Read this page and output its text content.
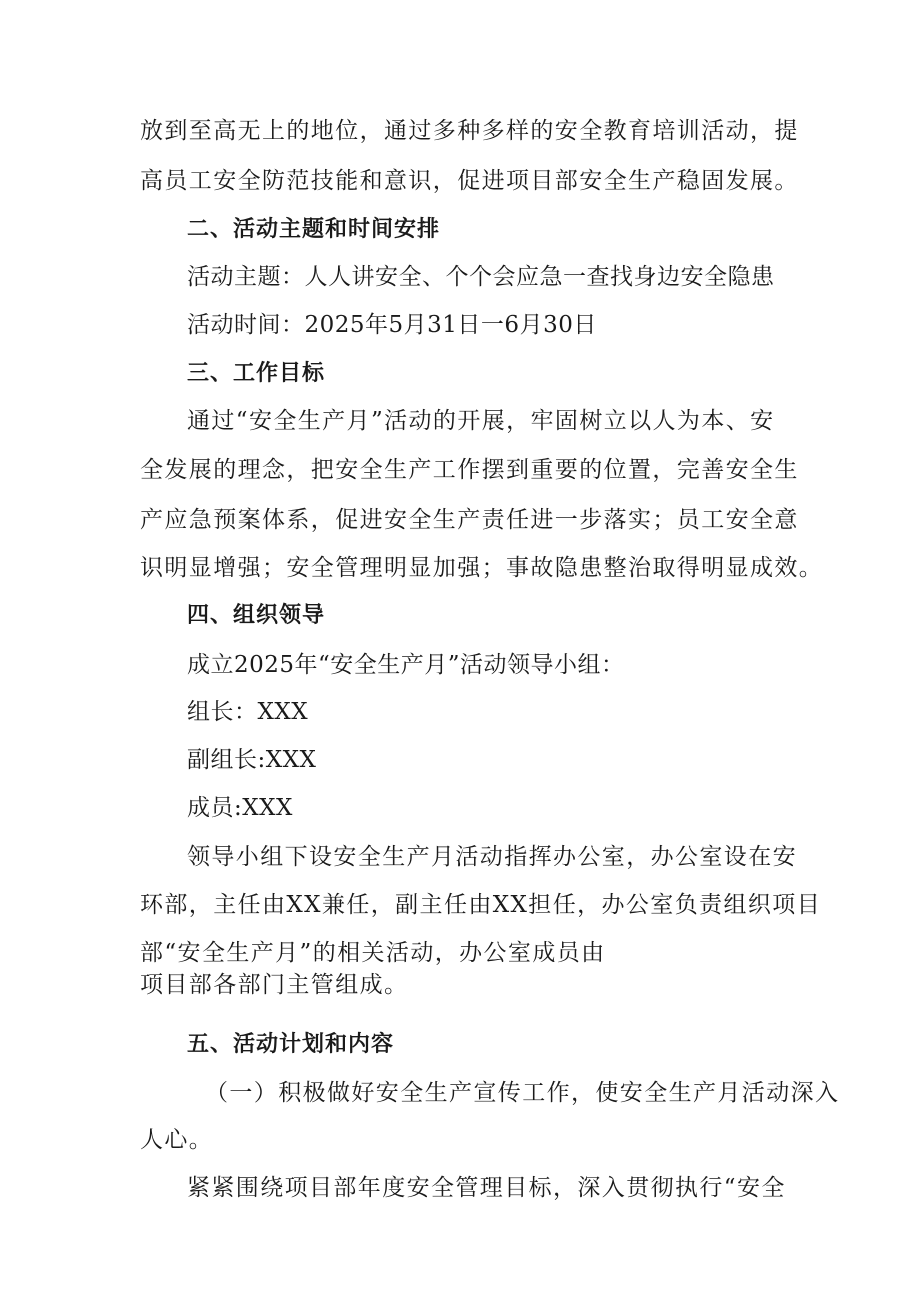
放到至高无上的地位，通过多种多样的安全教育培训活动，提
高员工安全防范技能和意识，促进项目部安全生产稳固发展。
二、活动主题和时间安排
活动主题：人人讲安全、个个会应急一查找身边安全隐患
活动时间：2025年5月31日一6月30日
三、工作目标
通过“安全生产月”活动的开展，牢固树立以人为本、安
全发展的理念，把安全生产工作摆到重要的位置，完善安全生
产应急预案体系，促进安全生产责任进一步落实；员工安全意
识明显增强；安全管理明显加强；事故隐患整治取得明显成效。
四、组织领导
成立2025年“安全生产月”活动领导小组：
组长：XXX
副组长:XXX
成员:XXX
领导小组下设安全生产月活动指挥办公室，办公室设在安
环部，主任由XX兼任，副主任由XX担任，办公室负责组织项目
部“安全生产月”的相关活动，办公室成员由
项目部各部门主管组成。
五、活动计划和内容
（一）积极做好安全生产宣传工作，使安全生产月活动深入
人心。
紧紧围绕项目部年度安全管理目标，深入贯彻执行“安全
